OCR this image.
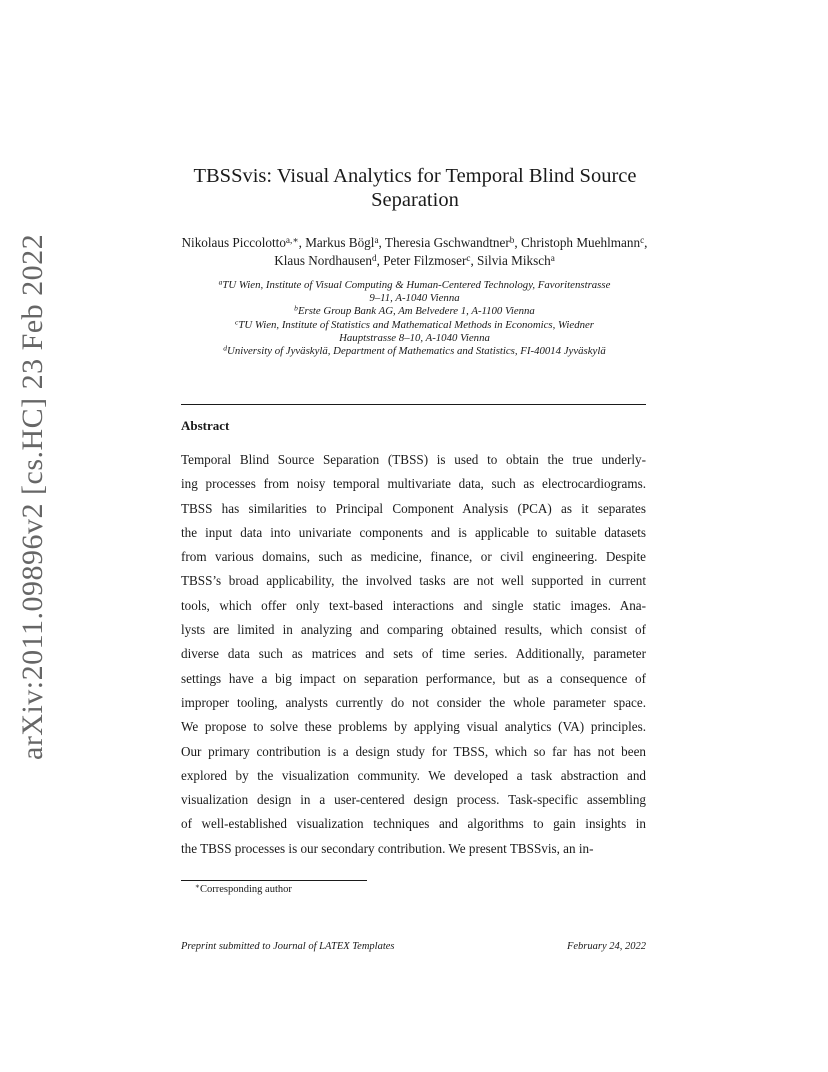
arXiv:2011.09896v2 [cs.HC] 23 Feb 2022
TBSSvis: Visual Analytics for Temporal Blind Source
Separation
Nikolaus Piccolotto$^{a,∗}$, Markus Bögl$^a$, Theresia Gschwandtner$^b$, Christoph Muehlmann$^c$, Klaus Nordhausen$^d$, Peter Filzmoser$^c$, Silvia Miksch$^a$
$^a$TU Wien, Institute of Visual Computing & Human-Centered Technology, Favoritenstrasse
9–11, A-1040 Vienna
$^b$Erste Group Bank AG, Am Belvedere 1, A-1100 Vienna
$^c$TU Wien, Institute of Statistics and Mathematical Methods in Economics, Wiedner
Hauptstrasse 8–10, A-1040 Vienna
$^d$University of Jyväskylä, Department of Mathematics and Statistics, FI-40014 Jyväskylä
Abstract
Temporal Blind Source Separation (TBSS) is used to obtain the true underly-
ing processes from noisy temporal multivariate data, such as electrocardiograms.
TBSS has similarities to Principal Component Analysis (PCA) as it separates
the input data into univariate components and is applicable to suitable datasets
from various domains, such as medicine, finance, or civil engineering. Despite
TBSS’s broad applicability, the involved tasks are not well supported in current
tools, which offer only text-based interactions and single static images. Ana-
lysts are limited in analyzing and comparing obtained results, which consist of
diverse data such as matrices and sets of time series. Additionally, parameter
settings have a big impact on separation performance, but as a consequence of
improper tooling, analysts currently do not consider the whole parameter space.
We propose to solve these problems by applying visual analytics (VA) principles.
Our primary contribution is a design study for TBSS, which so far has not been
explored by the visualization community. We developed a task abstraction and
visualization design in a user-centered design process. Task-specific assembling
of well-established visualization techniques and algorithms to gain insights in
the TBSS processes is our secondary contribution. We present TBSSvis, an in-
∗Corresponding author
Preprint submitted to Journal of LATEX Templates	February 24, 2022
